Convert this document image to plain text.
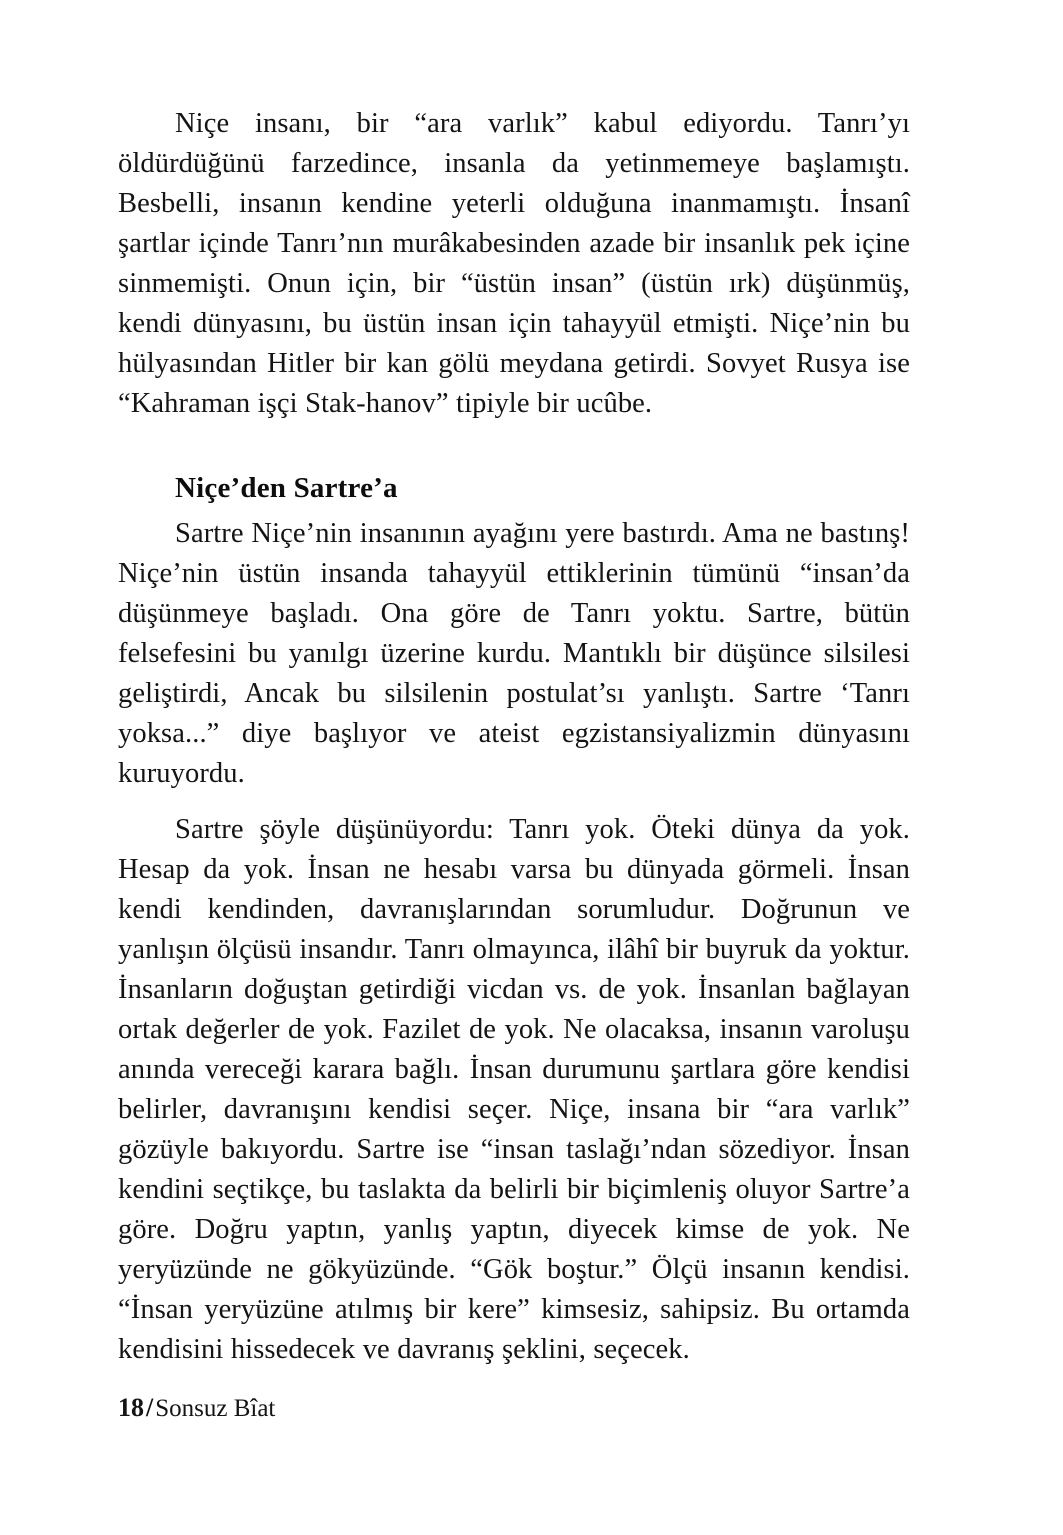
Niçe insanı, bir “ara varlık” kabul ediyordu. Tanrı’yı öldürdüğünü farzedince, insanla da yetinmemeye başlamıştı. Besbelli, insanın kendine yeterli olduğuna inanmamıştı. İnsanî şartlar içinde Tanrı’nın murâkabesinden azade bir insanlık pek içine sinmemişti. Onun için, bir “üstün insan” (üstün ırk) düşünmüş, kendi dünyasını, bu üstün insan için tahayyül etmişti. Niçe’nin bu hülyasından Hitler bir kan gölü meydana getirdi. Sovyet Rusya ise “Kahraman işçi Stak-hanov” tipiyle bir ucûbe.

Niçe’den Sartre’a

Sartre Niçe’nin insanının ayağını yere bastırdı. Ama ne bastınş! Niçe’nin üstün insanda tahayyül ettiklerinin tümünü “insan’da düşünmeye başladı. Ona göre de Tanrı yoktu. Sartre, bütün felsefesini bu yanılgı üzerine kurdu. Mantıklı bir düşünce silsilesi geliştirdi, Ancak bu silsilenin postulat’sı yanlıştı. Sartre ‘Tanrı yoksa...” diye başlıyor ve ateist egzistansiyalizmin dünyasını kuruyordu.

Sartre şöyle düşünüyordu: Tanrı yok. Öteki dünya da yok. Hesap da yok. İnsan ne hesabı varsa bu dünyada görmeli. İnsan kendi kendinden, davranışlarından sorumludur. Doğrunun ve yanlışın ölçüsü insandır. Tanrı olmayınca, ilâhî bir buyruk da yoktur. İnsanların doğuştan getirdiği vicdan vs. de yok. İnsanlan bağlayan ortak değerler de yok. Fazilet de yok. Ne olacaksa, insanın varoluşu anında vereceği karara bağlı. İnsan durumunu şartlara göre kendisi belirler, davranışını kendisi seçer. Niçe, insana bir “ara varlık” gözüyle bakıyordu. Sartre ise “insan taslağı’ndan sözediyor. İnsan kendini seçtikçe, bu taslakta da belirli bir biçimleniş oluyor Sartre’a göre. Doğru yaptın, yanlış yaptın, diyecek kimse de yok. Ne yeryüzünde ne gökyüzünde. “Gök boştur.” Ölçü insanın kendisi. “İnsan yeryüzüne atılmış bir kere” kimsesiz, sahipsiz. Bu ortamda kendisini hissedecek ve davranış şeklini, seçecek.

18/Sonsuz Bîat
